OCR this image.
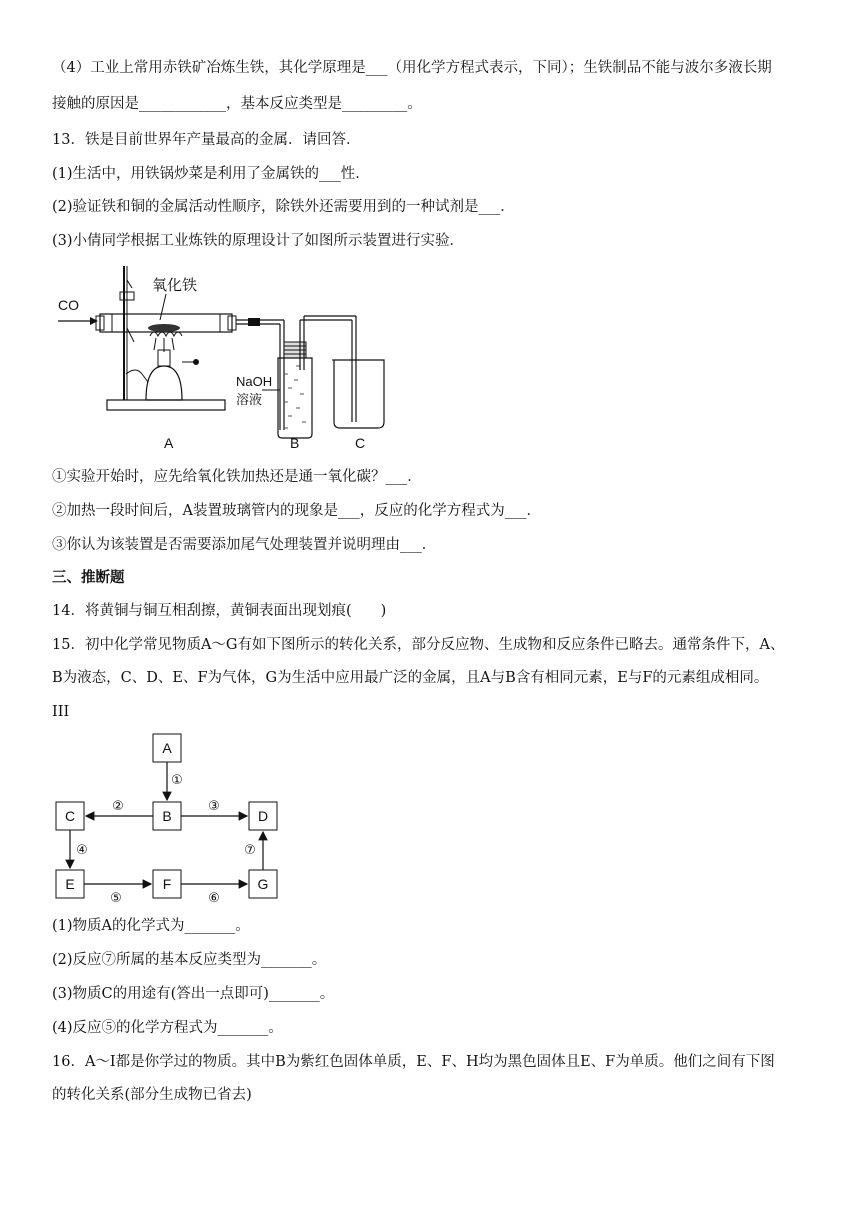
（4）工业上常用赤铁矿冶炼生铁，其化学原理是___（用化学方程式表示，下同）；生铁制品不能与波尔多液长期
接触的原因是____________，基本反应类型是_________。
13．铁是目前世界年产量最高的金属．请回答．
(1)生活中，用铁锅炒菜是利用了金属铁的___性．
(2)验证铁和铜的金属活动性顺序，除铁外还需要用到的一种试剂是___．
(3)小倩同学根据工业炼铁的原理设计了如图所示装置进行实验．
CO
氧化铁
NaOH
溶液
A	B	C
①实验开始时，应先给氧化铁加热还是通一氧化碳？___．
②加热一段时间后，A装置玻璃管内的现象是___，反应的化学方程式为___．
③你认为该装置是否需要添加尾气处理装置并说明理由___．
三、推断题
14．将黄铜与铜互相刮擦，黄铜表面出现划痕(　　)
15．初中化学常见物质A～G有如下图所示的转化关系，部分反应物、生成物和反应条件已略去。通常条件下，A、
B为液态，C、D、E、F为气体，G为生活中应用最广泛的金属，且A与B含有相同元素，E与F的元素组成相同。
III
A
B
C	D
E	F	G
①
②	③
④
⑤	⑥
⑦
(1)物质A的化学式为_______。
(2)反应⑦所属的基本反应类型为_______。
(3)物质C的用途有(答出一点即可)_______。
(4)反应⑤的化学方程式为_______。
16．A～I都是你学过的物质。其中B为紫红色固体单质，E、F、H均为黑色固体且E、F为单质。他们之间有下图
的转化关系(部分生成物已省去)
